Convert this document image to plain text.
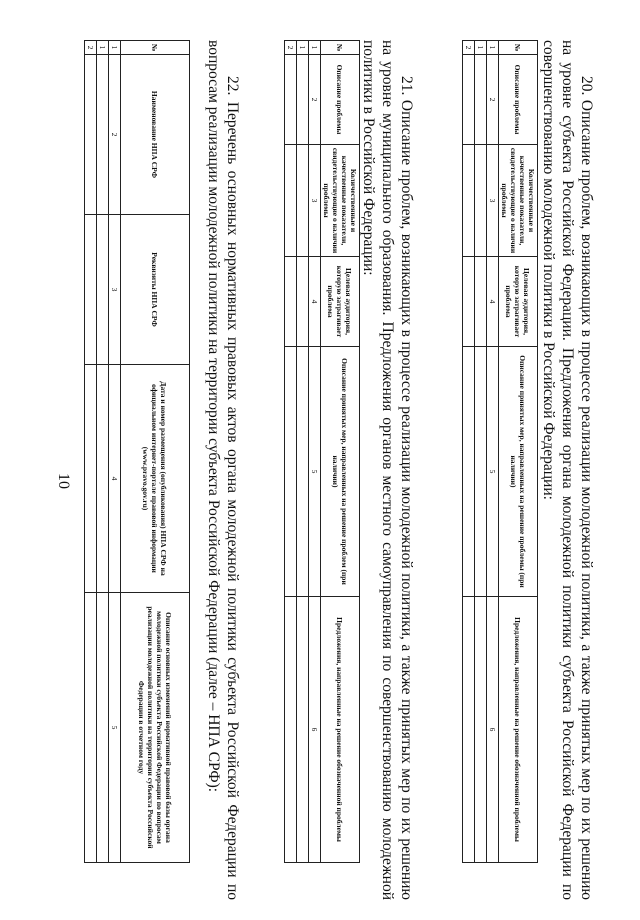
10

20. Описание проблем, возникающих в процессе реализации молодежной политики, а также принятых мер по их решению на уровне субъекта Российской Федерации. Предложения органа молодежной политики субъекта Российской Федерации по совершенствованию молодежной политики в Российской Федерации:

№	Описание проблемы	Количественные и качественные показатели, свидетельствующие о наличии проблемы	Целевая аудитория, которую затрагивает проблема	Описание принятых мер, направленных на решение проблемы (при наличии)	Предложения, направленные на решение обозначенной проблемы
1	2	3	4	5	6
1					
2					

21. Описание проблем, возникающих в процессе реализации молодежной политики, а также принятых мер по их решению на уровне муниципального образования. Предложения органов местного самоуправления по совершенствованию молодежной политики в Российской Федерации:

№	Описание проблемы	Количественные и качественные показатели, свидетельствующие о наличии проблемы	Целевая аудитория, которую затрагивает проблема	Описание принятых мер, направленных на решение проблем (при наличии)	Предложения, направленные на решение обозначенной проблемы
1	2	3	4	5	6
1					
2					

22. Перечень основных нормативных правовых актов органа молодежной политики субъекта Российской Федерации по вопросам реализации молодежной политики на территории субъекта Российской Федерации (далее – НПА СРФ):

№	Наименование НПА СРФ	Реквизиты НПА СРФ	Дата и номер размещения (опубликования) НПА СРФ на официальном интернет-портале правовой информации (www.pravo.gov.ru)	Описание основных изменений нормативной правовой базы органа молодежной политики субъекта Российской Федерации по вопросам реализации молодежной политики на территории субъекта Российской Федерации в отчетном году
1	2	3	4	5
1				
2				
